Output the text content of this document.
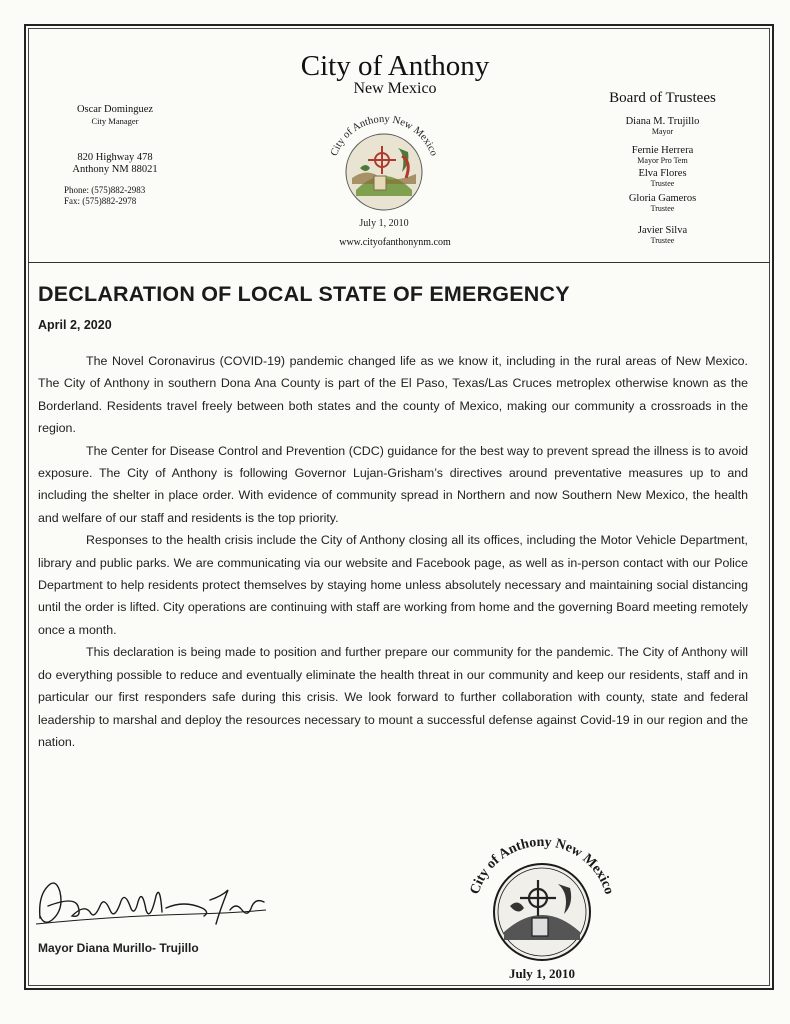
City of Anthony
New Mexico
Oscar Dominguez
City Manager
820 Highway 478
Anthony NM 88021
Phone: (575)882-2983
Fax: (575)882-2978
Board of Trustees
Diana M. Trujillo
Mayor
Fernie Herrera
Mayor Pro Tem
Elva Flores
Trustee
Gloria Gameros
Trustee
Javier Silva
Trustee
City of Anthony New Mexico
July 1, 2010
www.cityofanthonynm.com
DECLARATION OF LOCAL STATE OF EMERGENCY
April 2, 2020

The Novel Coronavirus (COVID-19) pandemic changed life as we know it, including in the rural areas of New Mexico. The City of Anthony in southern Dona Ana County is part of the El Paso, Texas/Las Cruces metroplex otherwise known as the Borderland. Residents travel freely between both states and the county of Mexico, making our community a crossroads in the region.

The Center for Disease Control and Prevention (CDC) guidance for the best way to prevent spread the illness is to avoid exposure. The City of Anthony is following Governor Lujan-Grisham’s directives around preventative measures up to and including the shelter in place order. With evidence of community spread in Northern and now Southern New Mexico, the health and welfare of our staff and residents is the top priority.

Responses to the health crisis include the City of Anthony closing all its offices, including the Motor Vehicle Department, library and public parks. We are communicating via our website and Facebook page, as well as in-person contact with our Police Department to help residents protect themselves by staying home unless absolutely necessary and maintaining social distancing until the order is lifted. City operations are continuing with staff are working from home and the governing Board meeting remotely once a month.

This declaration is being made to position and further prepare our community for the pandemic. The City of Anthony will do everything possible to reduce and eventually eliminate the health threat in our community and keep our residents, staff and in particular our first responders safe during this crisis. We look forward to further collaboration with county, state and federal leadership to marshal and deploy the resources necessary to mount a successful defense against Covid-19 in our region and the nation.

Mayor Diana Murillo- Trujillo
City of Anthony New Mexico
July 1, 2010
